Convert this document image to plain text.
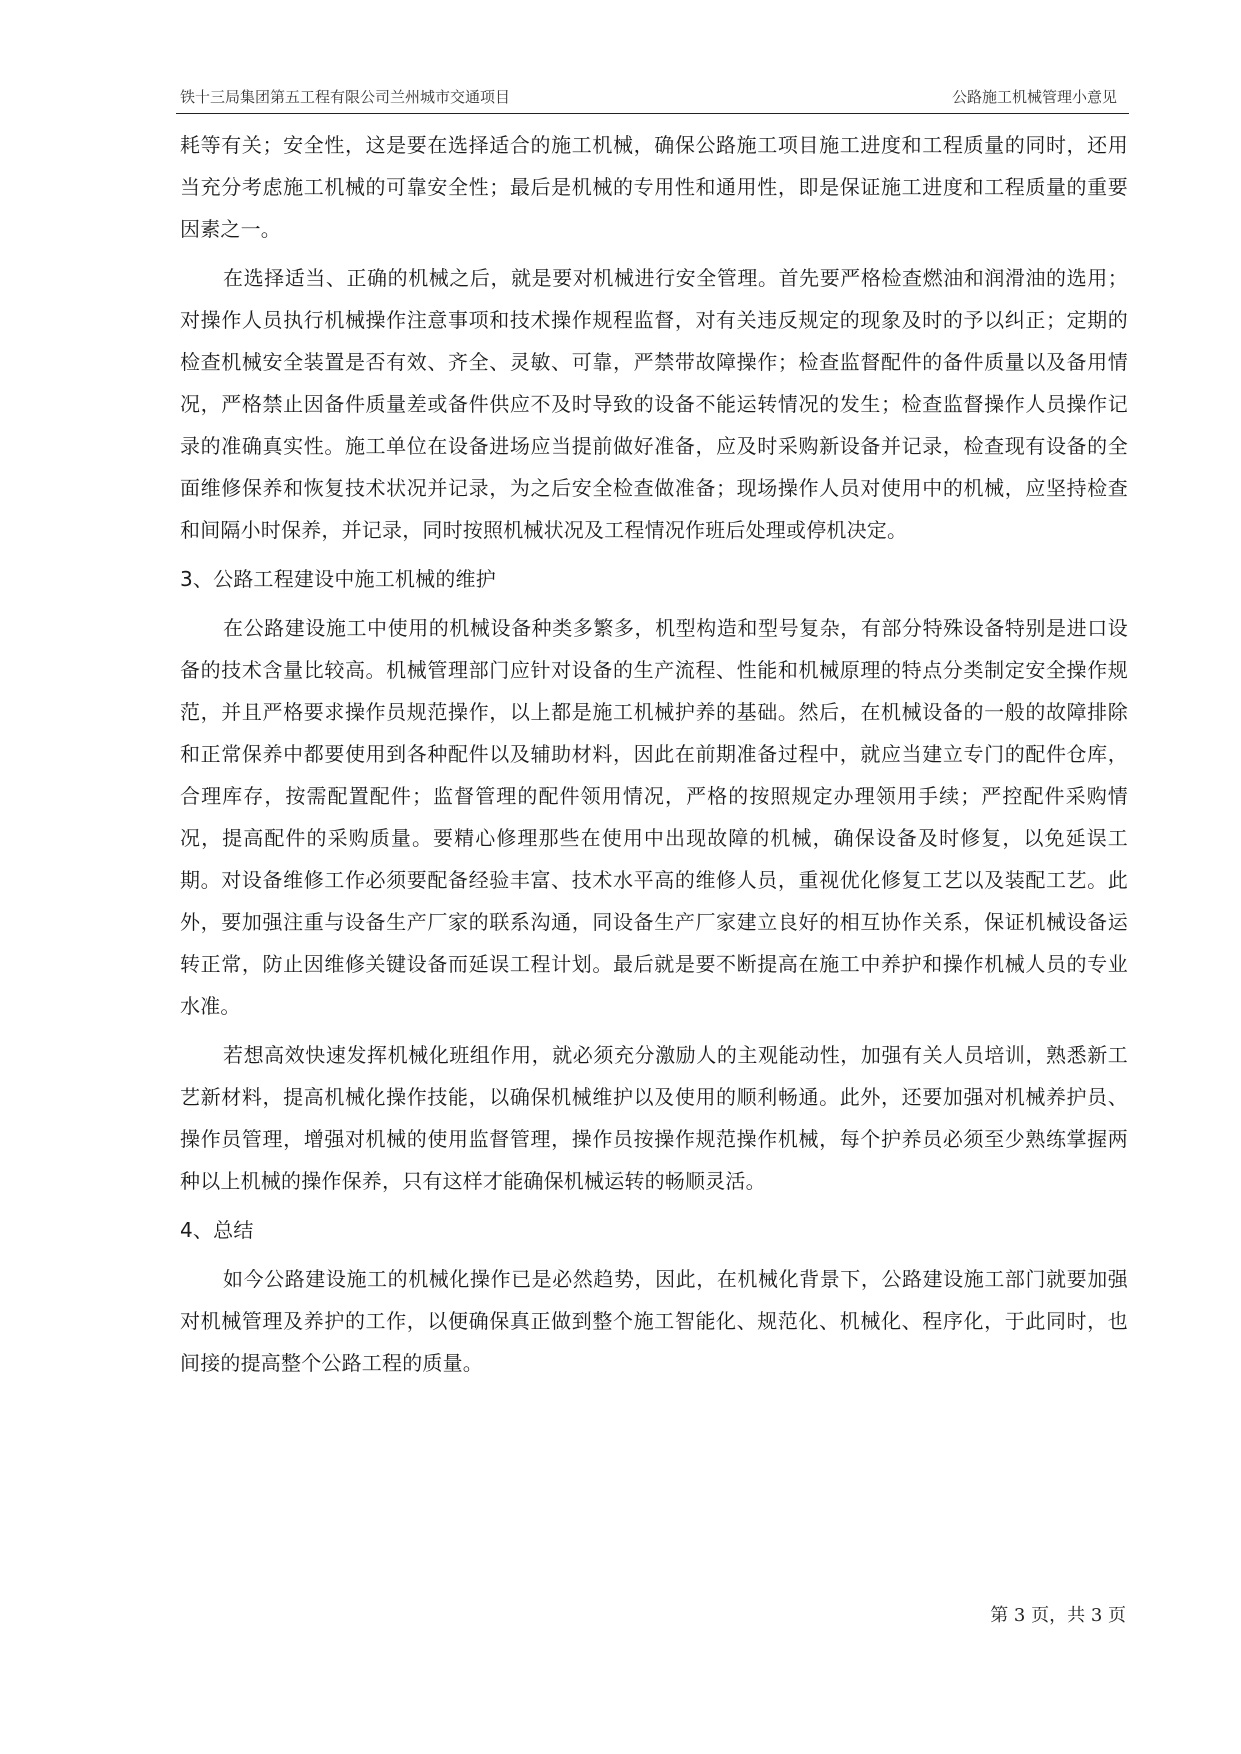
铁十三局集团第五工程有限公司兰州城市交通项目	公路施工机械管理小意见

耗等有关；安全性，这是要在选择适合的施工机械，确保公路施工项目施工进度和工程质量的同时，还用当充分考虑施工机械的可靠安全性；最后是机械的专用性和通用性，即是保证施工进度和工程质量的重要因素之一。

在选择适当、正确的机械之后，就是要对机械进行安全管理。首先要严格检查燃油和润滑油的选用；对操作人员执行机械操作注意事项和技术操作规程监督，对有关违反规定的现象及时的予以纠正；定期的检查机械安全装置是否有效、齐全、灵敏、可靠，严禁带故障操作；检查监督配件的备件质量以及备用情况，严格禁止因备件质量差或备件供应不及时导致的设备不能运转情况的发生；检查监督操作人员操作记录的准确真实性。施工单位在设备进场应当提前做好准备，应及时采购新设备并记录，检查现有设备的全面维修保养和恢复技术状况并记录，为之后安全检查做准备；现场操作人员对使用中的机械，应坚持检查和间隔小时保养，并记录，同时按照机械状况及工程情况作班后处理或停机决定。

3、公路工程建设中施工机械的维护

在公路建设施工中使用的机械设备种类多繁多，机型构造和型号复杂，有部分特殊设备特别是进口设备的技术含量比较高。机械管理部门应针对设备的生产流程、性能和机械原理的特点分类制定安全操作规范，并且严格要求操作员规范操作，以上都是施工机械护养的基础。然后，在机械设备的一般的故障排除和正常保养中都要使用到各种配件以及辅助材料，因此在前期准备过程中，就应当建立专门的配件仓库，合理库存，按需配置配件；监督管理的配件领用情况，严格的按照规定办理领用手续；严控配件采购情况，提高配件的采购质量。要精心修理那些在使用中出现故障的机械，确保设备及时修复，以免延误工期。对设备维修工作必须要配备经验丰富、技术水平高的维修人员，重视优化修复工艺以及装配工艺。此外，要加强注重与设备生产厂家的联系沟通，同设备生产厂家建立良好的相互协作关系，保证机械设备运转正常，防止因维修关键设备而延误工程计划。最后就是要不断提高在施工中养护和操作机械人员的专业水准。

若想高效快速发挥机械化班组作用，就必须充分激励人的主观能动性，加强有关人员培训，熟悉新工艺新材料，提高机械化操作技能，以确保机械维护以及使用的顺利畅通。此外，还要加强对机械养护员、操作员管理，增强对机械的使用监督管理，操作员按操作规范操作机械，每个护养员必须至少熟练掌握两种以上机械的操作保养，只有这样才能确保机械运转的畅顺灵活。

4、总结

如今公路建设施工的机械化操作已是必然趋势，因此，在机械化背景下，公路建设施工部门就要加强对机械管理及养护的工作，以便确保真正做到整个施工智能化、规范化、机械化、程序化，于此同时，也间接的提高整个公路工程的质量。

第 3 页，共 3 页
